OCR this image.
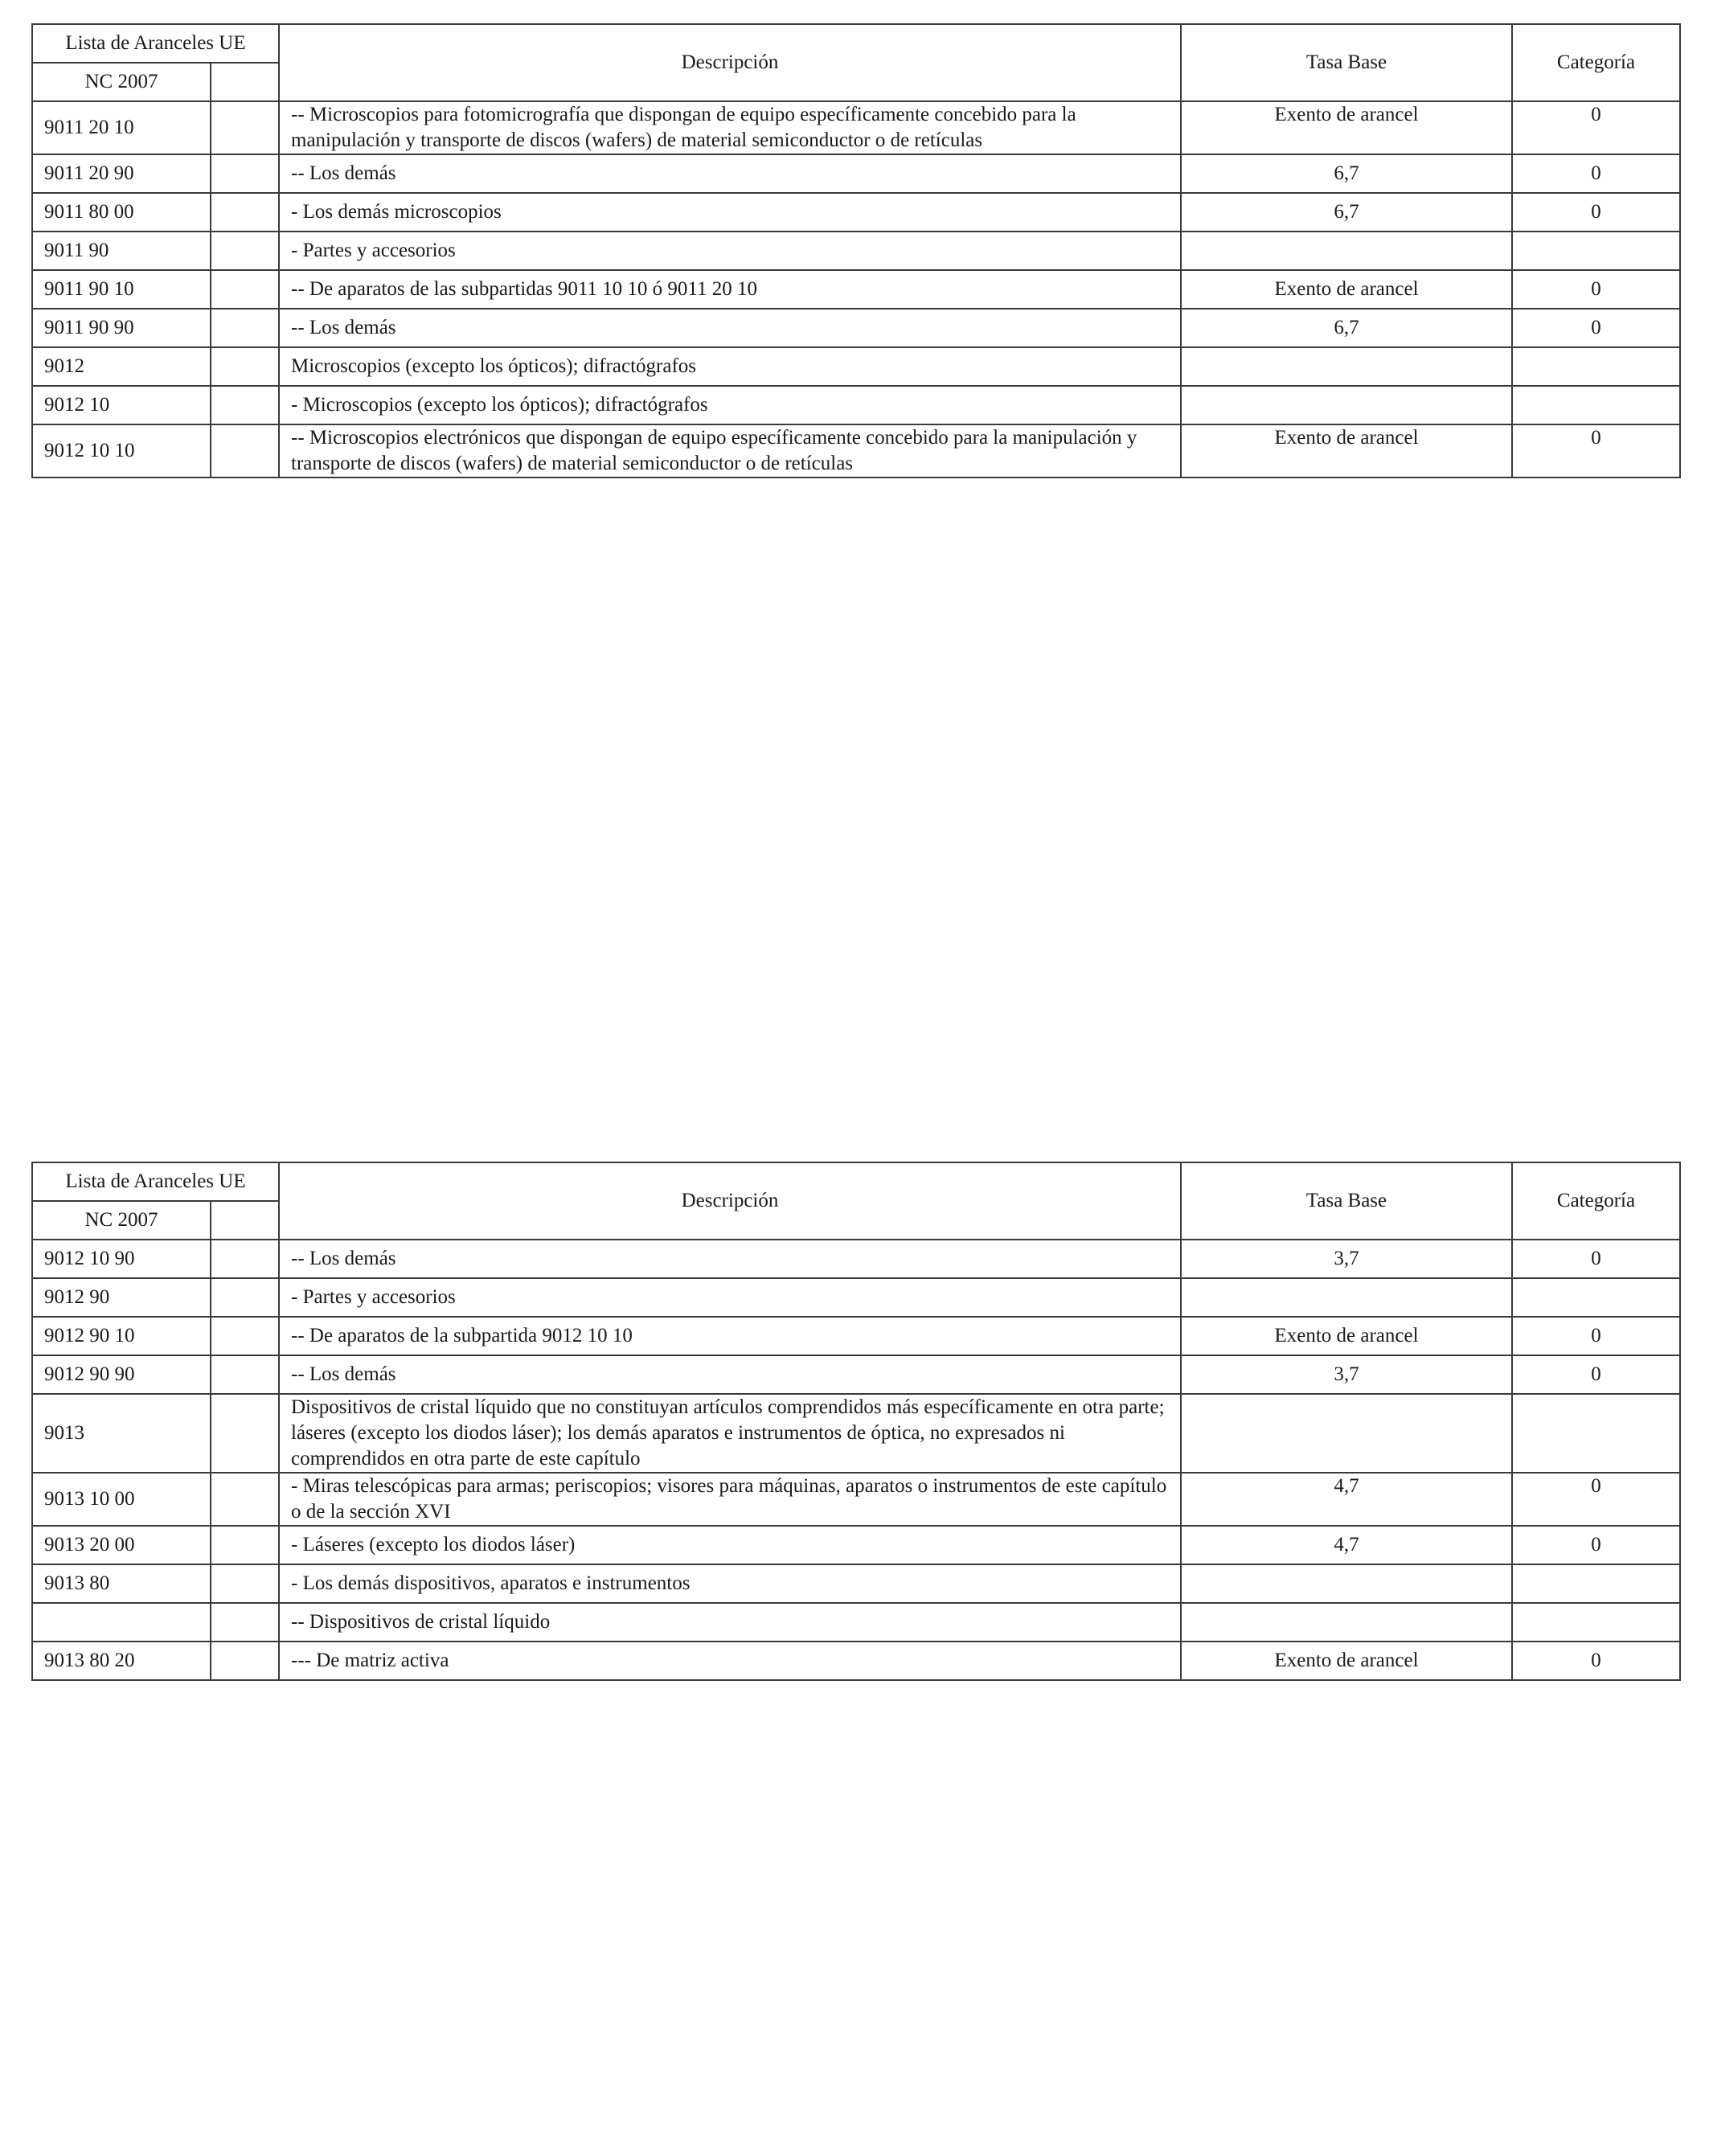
Lista de Aranceles UE		Descripción	Tasa Base	Categoría
NC 2007				
9011 20 10		-- Microscopios para fotomicrografía que dispongan de equipo específicamente concebido para la manipulación y transporte de discos (wafers) de material semiconductor o de retículas	Exento de arancel	0
9011 20 90		-- Los demás	6,7	0
9011 80 00		- Los demás microscopios	6,7	0
9011 90		- Partes y accesorios		
9011 90 10		-- De aparatos de las subpartidas 9011 10 10 ó 9011 20 10	Exento de arancel	0
9011 90 90		-- Los demás	6,7	0
9012		Microscopios (excepto los ópticos); difractógrafos		
9012 10		- Microscopios (excepto los ópticos); difractógrafos		
9012 10 10		-- Microscopios electrónicos que dispongan de equipo específicamente concebido para la manipulación y transporte de discos (wafers) de material semiconductor o de retículas	Exento de arancel	0
Lista de Aranceles UE		Descripción	Tasa Base	Categoría
NC 2007				
9012 10 90		-- Los demás	3,7	0
9012 90		- Partes y accesorios		
9012 90 10		-- De aparatos de la subpartida 9012 10 10	Exento de arancel	0
9012 90 90		-- Los demás	3,7	0
9013		Dispositivos de cristal líquido que no constituyan artículos comprendidos más específicamente en otra parte; láseres (excepto los diodos láser); los demás aparatos e instrumentos de óptica, no expresados ni comprendidos en otra parte de este capítulo		
9013 10 00		- Miras telescópicas para armas; periscopios; visores para máquinas, aparatos o instrumentos de este capítulo o de la sección XVI	4,7	0
9013 20 00		- Láseres (excepto los diodos láser)	4,7	0
9013 80		- Los demás dispositivos, aparatos e instrumentos		
		-- Dispositivos de cristal líquido		
9013 80 20		--- De matriz activa	Exento de arancel	0
